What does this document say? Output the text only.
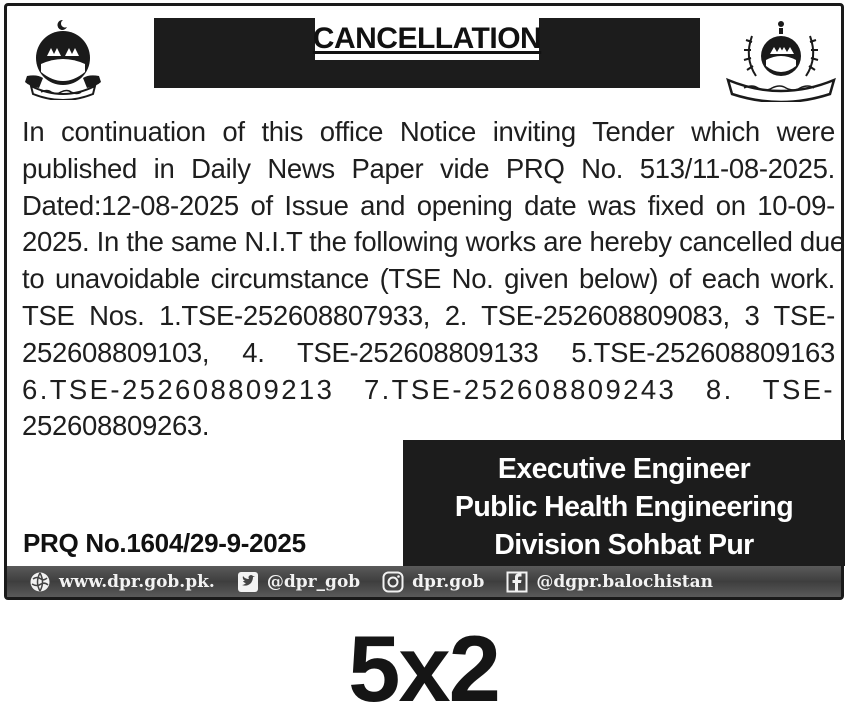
CANCELLATION
In continuation of this office Notice inviting Tender which were
published in Daily News Paper vide PRQ No. 513/11-08-2025.
Dated:12-08-2025 of Issue and opening date was fixed on 10-09-
2025. In the same N.I.T the following works are hereby cancelled due
to unavoidable circumstance (TSE No. given below) of each work.
TSE Nos. 1.TSE-252608807933, 2. TSE-252608809083, 3 TSE-
252608809103, 4. TSE-252608809133 5.TSE-252608809163
6.TSE-252608809213 7.TSE-252608809243 8. TSE-
252608809263.
Executive Engineer
Public Health Engineering
Division Sohbat Pur
PRQ No.1604/29-9-2025
www.dpr.gob.pk.	@dpr_gob	dpr.gob	@dgpr.balochistan
5x2
